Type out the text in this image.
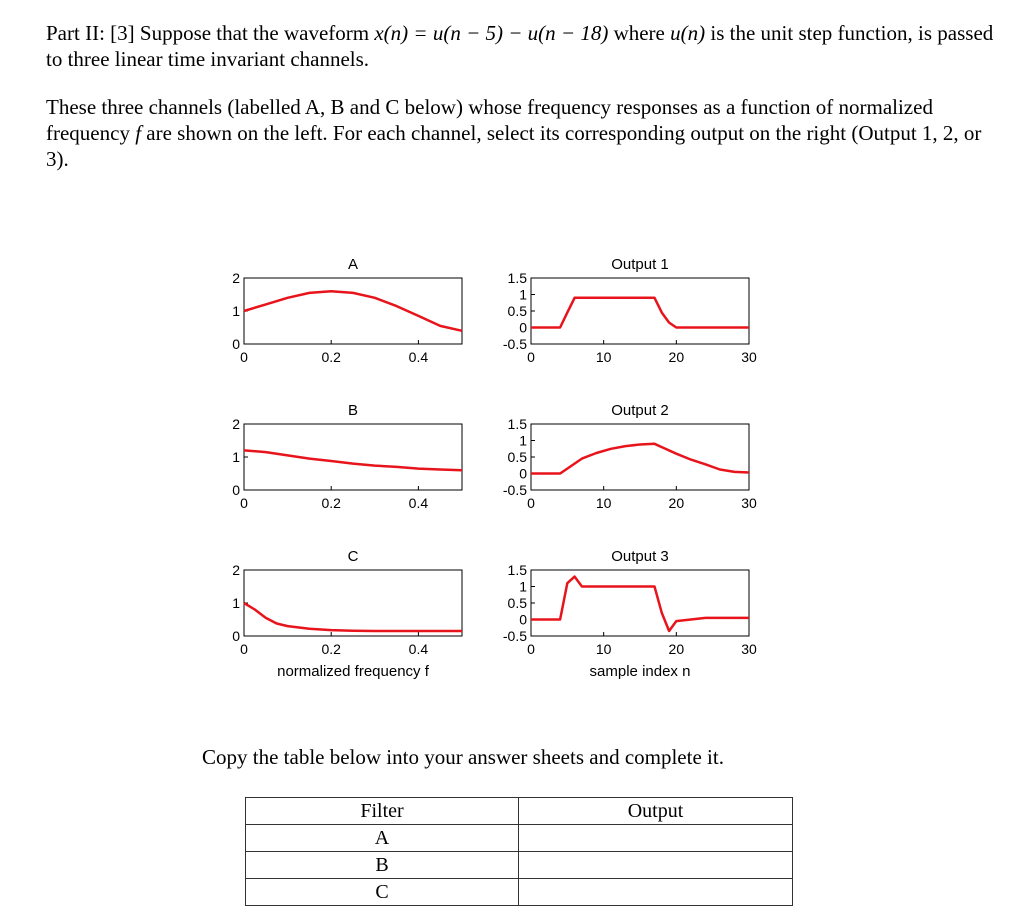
Part II: [3] Suppose that the waveform x(n) = u(n − 5) − u(n − 18) where u(n) is the unit step function, is passed to three linear time invariant channels.

These three channels (labelled A, B and C below) whose frequency responses as a function of normalized frequency f are shown on the left. For each channel, select its corresponding output on the right (Output 1, 2, or 3).

A
0	0.2	0.4
0
1
2
B
0	0.2	0.4
0
1
2
C
0	0.2	0.4
0
1
2
normalized frequency f
Output 1
0	10	20	30
-0.5
0
0.5
1
1.5
Output 2
0	10	20	30
-0.5
0
0.5
1
1.5
Output 3
0	10	20	30
-0.5
0
0.5
1
1.5
sample index n
Copy the table below into your answer sheets and complete it.
Filter	Output
A	
B	
C	
